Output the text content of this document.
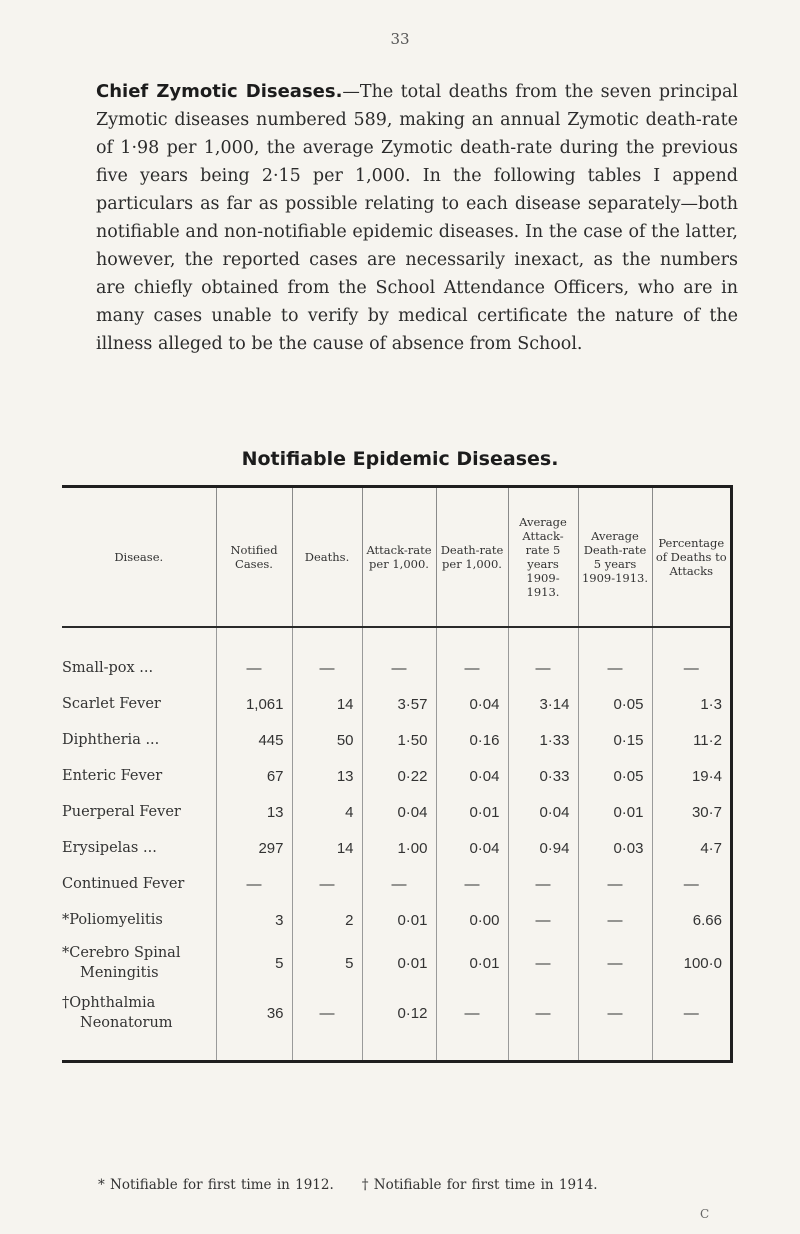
33

Chief Zymotic Diseases.—The total deaths from the seven principal Zymotic diseases numbered 589, making an annual Zymotic death-rate of 1·98 per 1,000, the average Zymotic death-rate during the previous five years being 2·15 per 1,000. In the following tables I append particulars as far as possible relating to each disease separately—both notifiable and non-notifiable epidemic diseases. In the case of the latter, however, the reported cases are necessarily inexact, as the numbers are chiefly obtained from the School Attendance Officers, who are in many cases unable to verify by medical certificate the nature of the illness alleged to be the cause of absence from School.

Notifiable Epidemic Diseases.
Disease.	Notified Cases.	Deaths.	Attack-rate per 1,000.	Death-rate per 1,000.	Average Attack-rate 5 years 1909-1913.	Average Death-rate 5 years 1909-1913.	Percentage of Deaths to Attacks

Small-pox ...	—	—	—	—	—	—	—
Scarlet Fever	1,061	14	3·57	0·04	3·14	0·05	1·3
Diphtheria ...	445	50	1·50	0·16	1·33	0·15	11·2
Enteric Fever	67	13	0·22	0·04	0·33	0·05	19·4
Puerperal Fever	13	4	0·04	0·01	0·04	0·01	30·7
Erysipelas ...	297	14	1·00	0·04	0·94	0·03	4·7
Continued Fever	—	—	—	—	—	—	—
*Poliomyelitis	3	2	0·01	0·00	—	—	6.66
*Cerebro Spinal
Meningitis	5	5	0·01	0·01	—	—	100·0
†Ophthalmia
Neonatorum	36	—	0·12	—	—	—	—

* Notifiable for first time in 1912. † Notifiable for first time in 1914.

C
